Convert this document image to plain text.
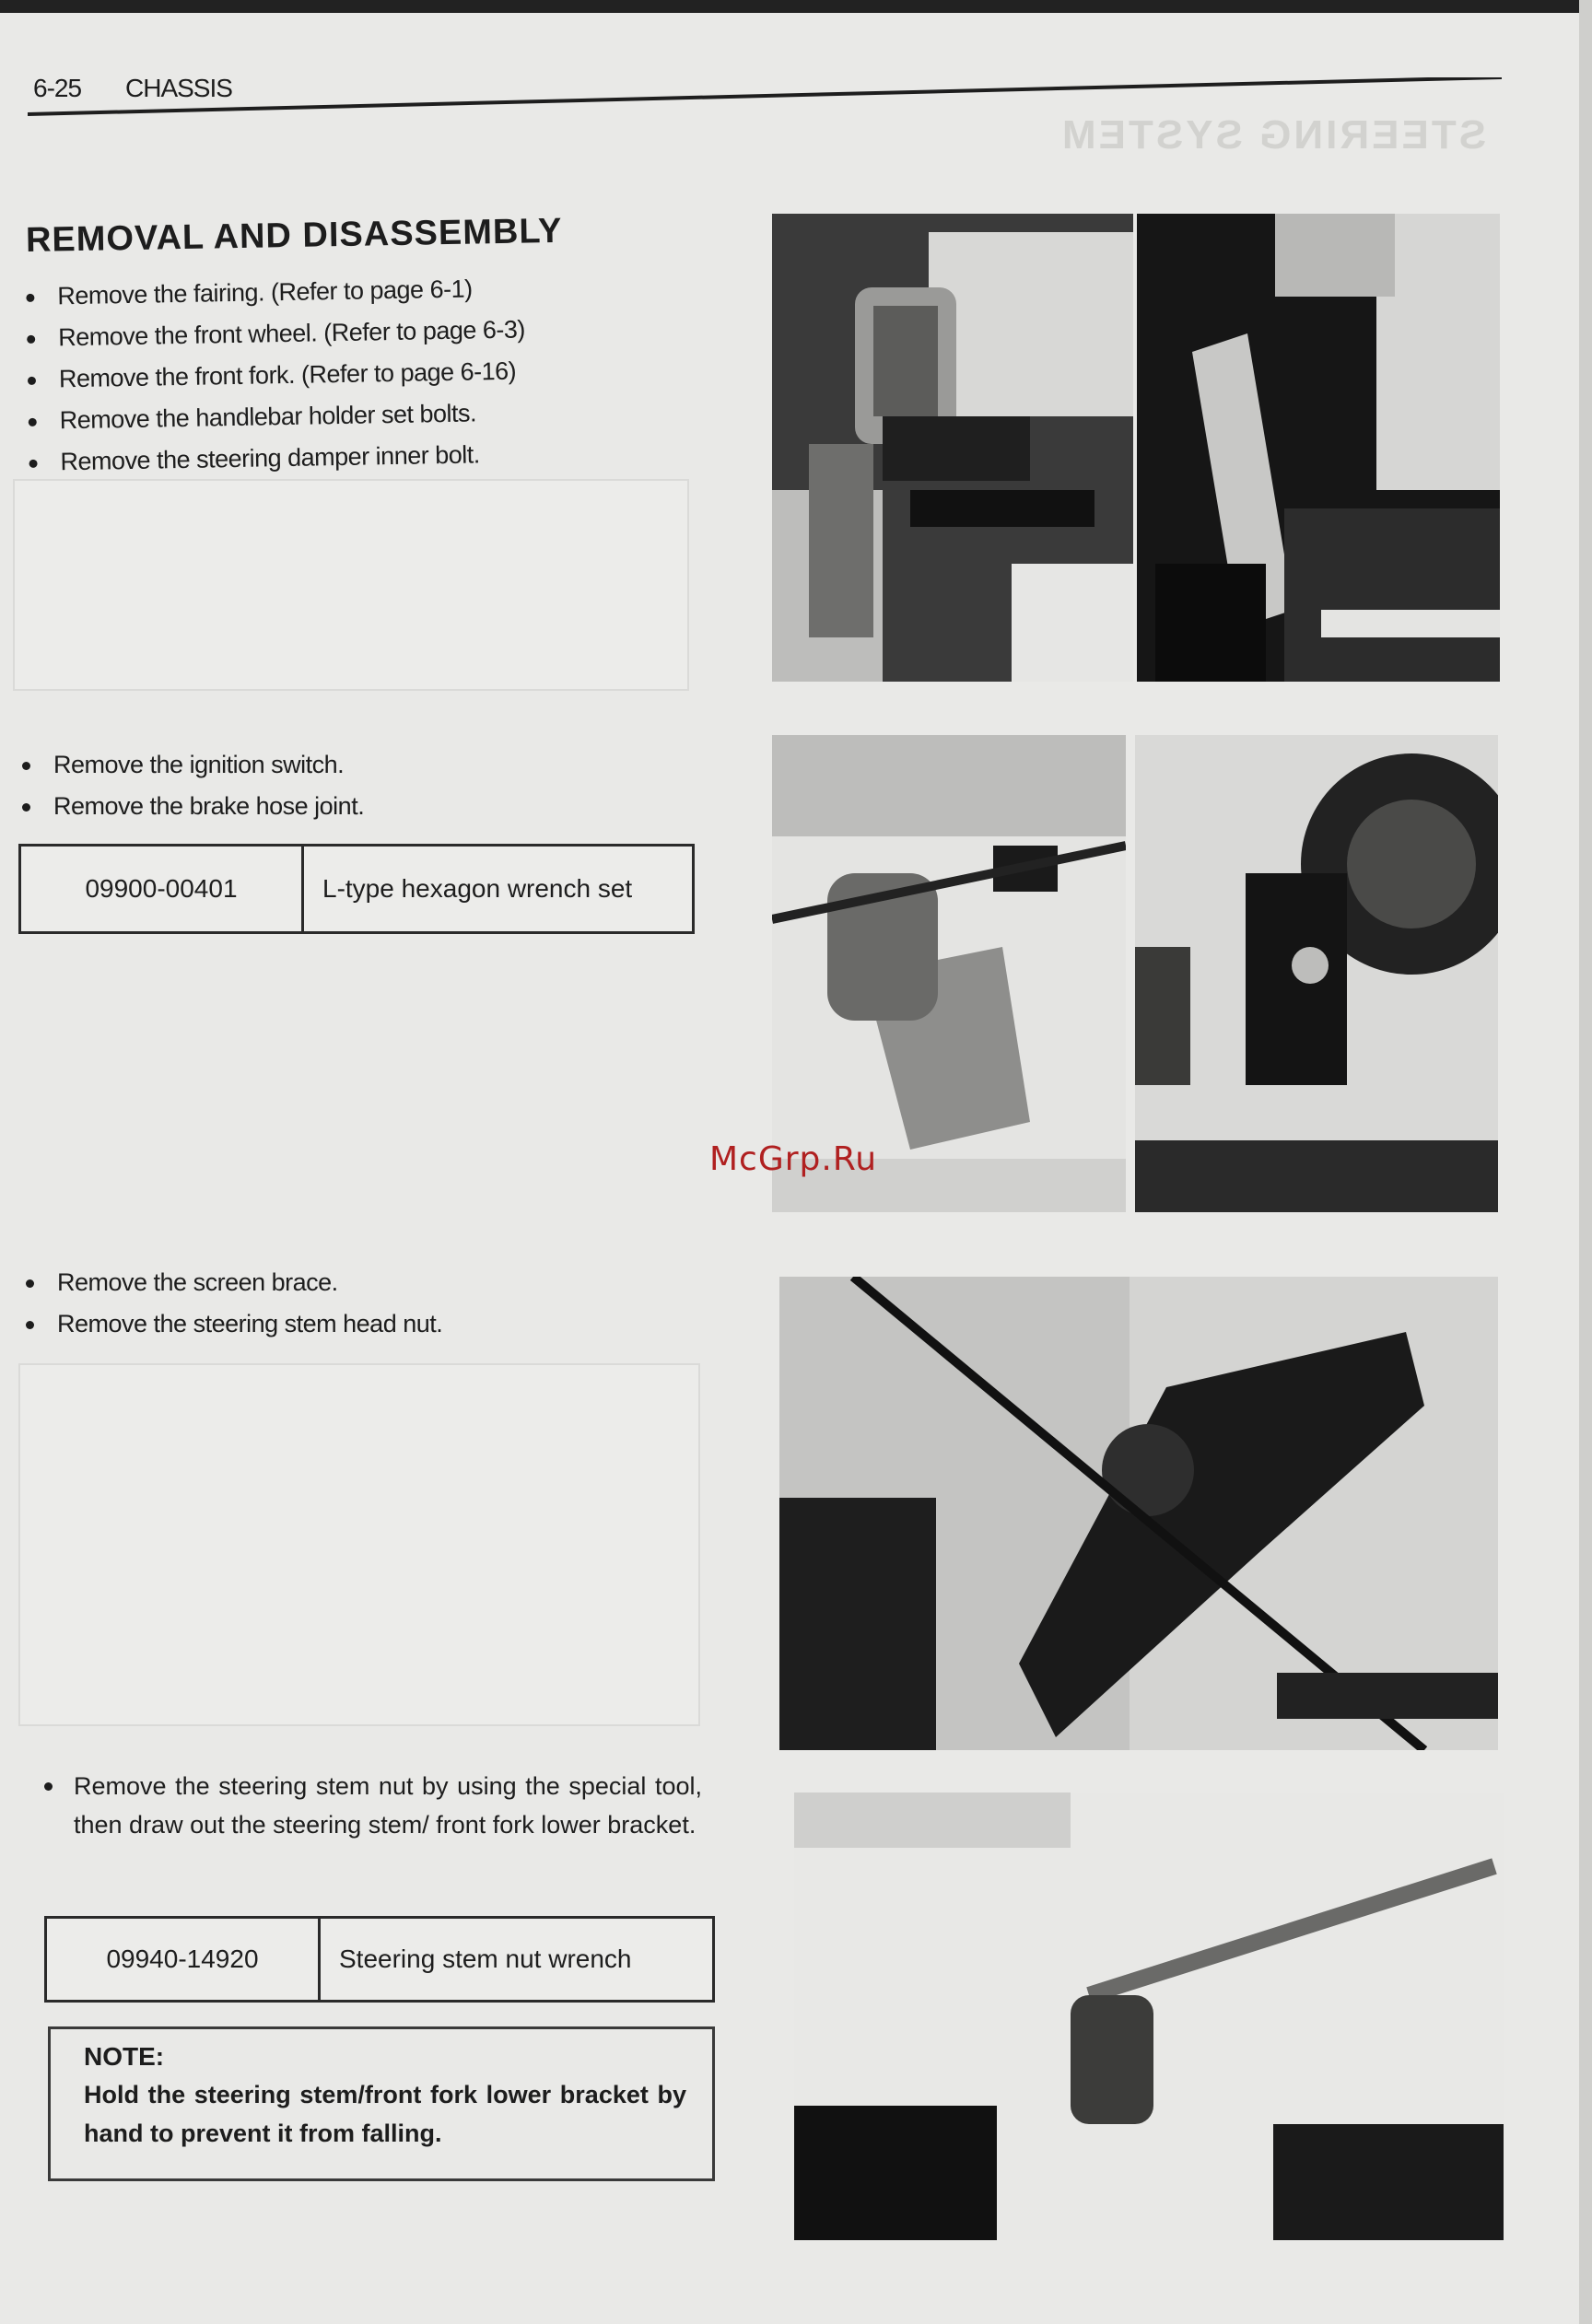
6-25 CHASSIS
STEERING SYSTEM
REMOVAL AND DISASSEMBLY
Remove the fairing. (Refer to page 6-1)
Remove the front wheel. (Refer to page 6-3)
Remove the front fork. (Refer to page 6-16)
Remove the handlebar holder set bolts.
Remove the steering damper inner bolt.
Remove the ignition switch.
Remove the brake hose joint.
09900-00401	L-type hexagon wrench set
Remove the screen brace.
Remove the steering stem head nut.
Remove the steering stem nut by using the special tool, then draw out the steering stem/ front fork lower bracket.
09940-14920	Steering stem nut wrench
NOTE:
Hold the steering stem/front fork lower bracket by hand to prevent it from falling.
McGrp.Ru
